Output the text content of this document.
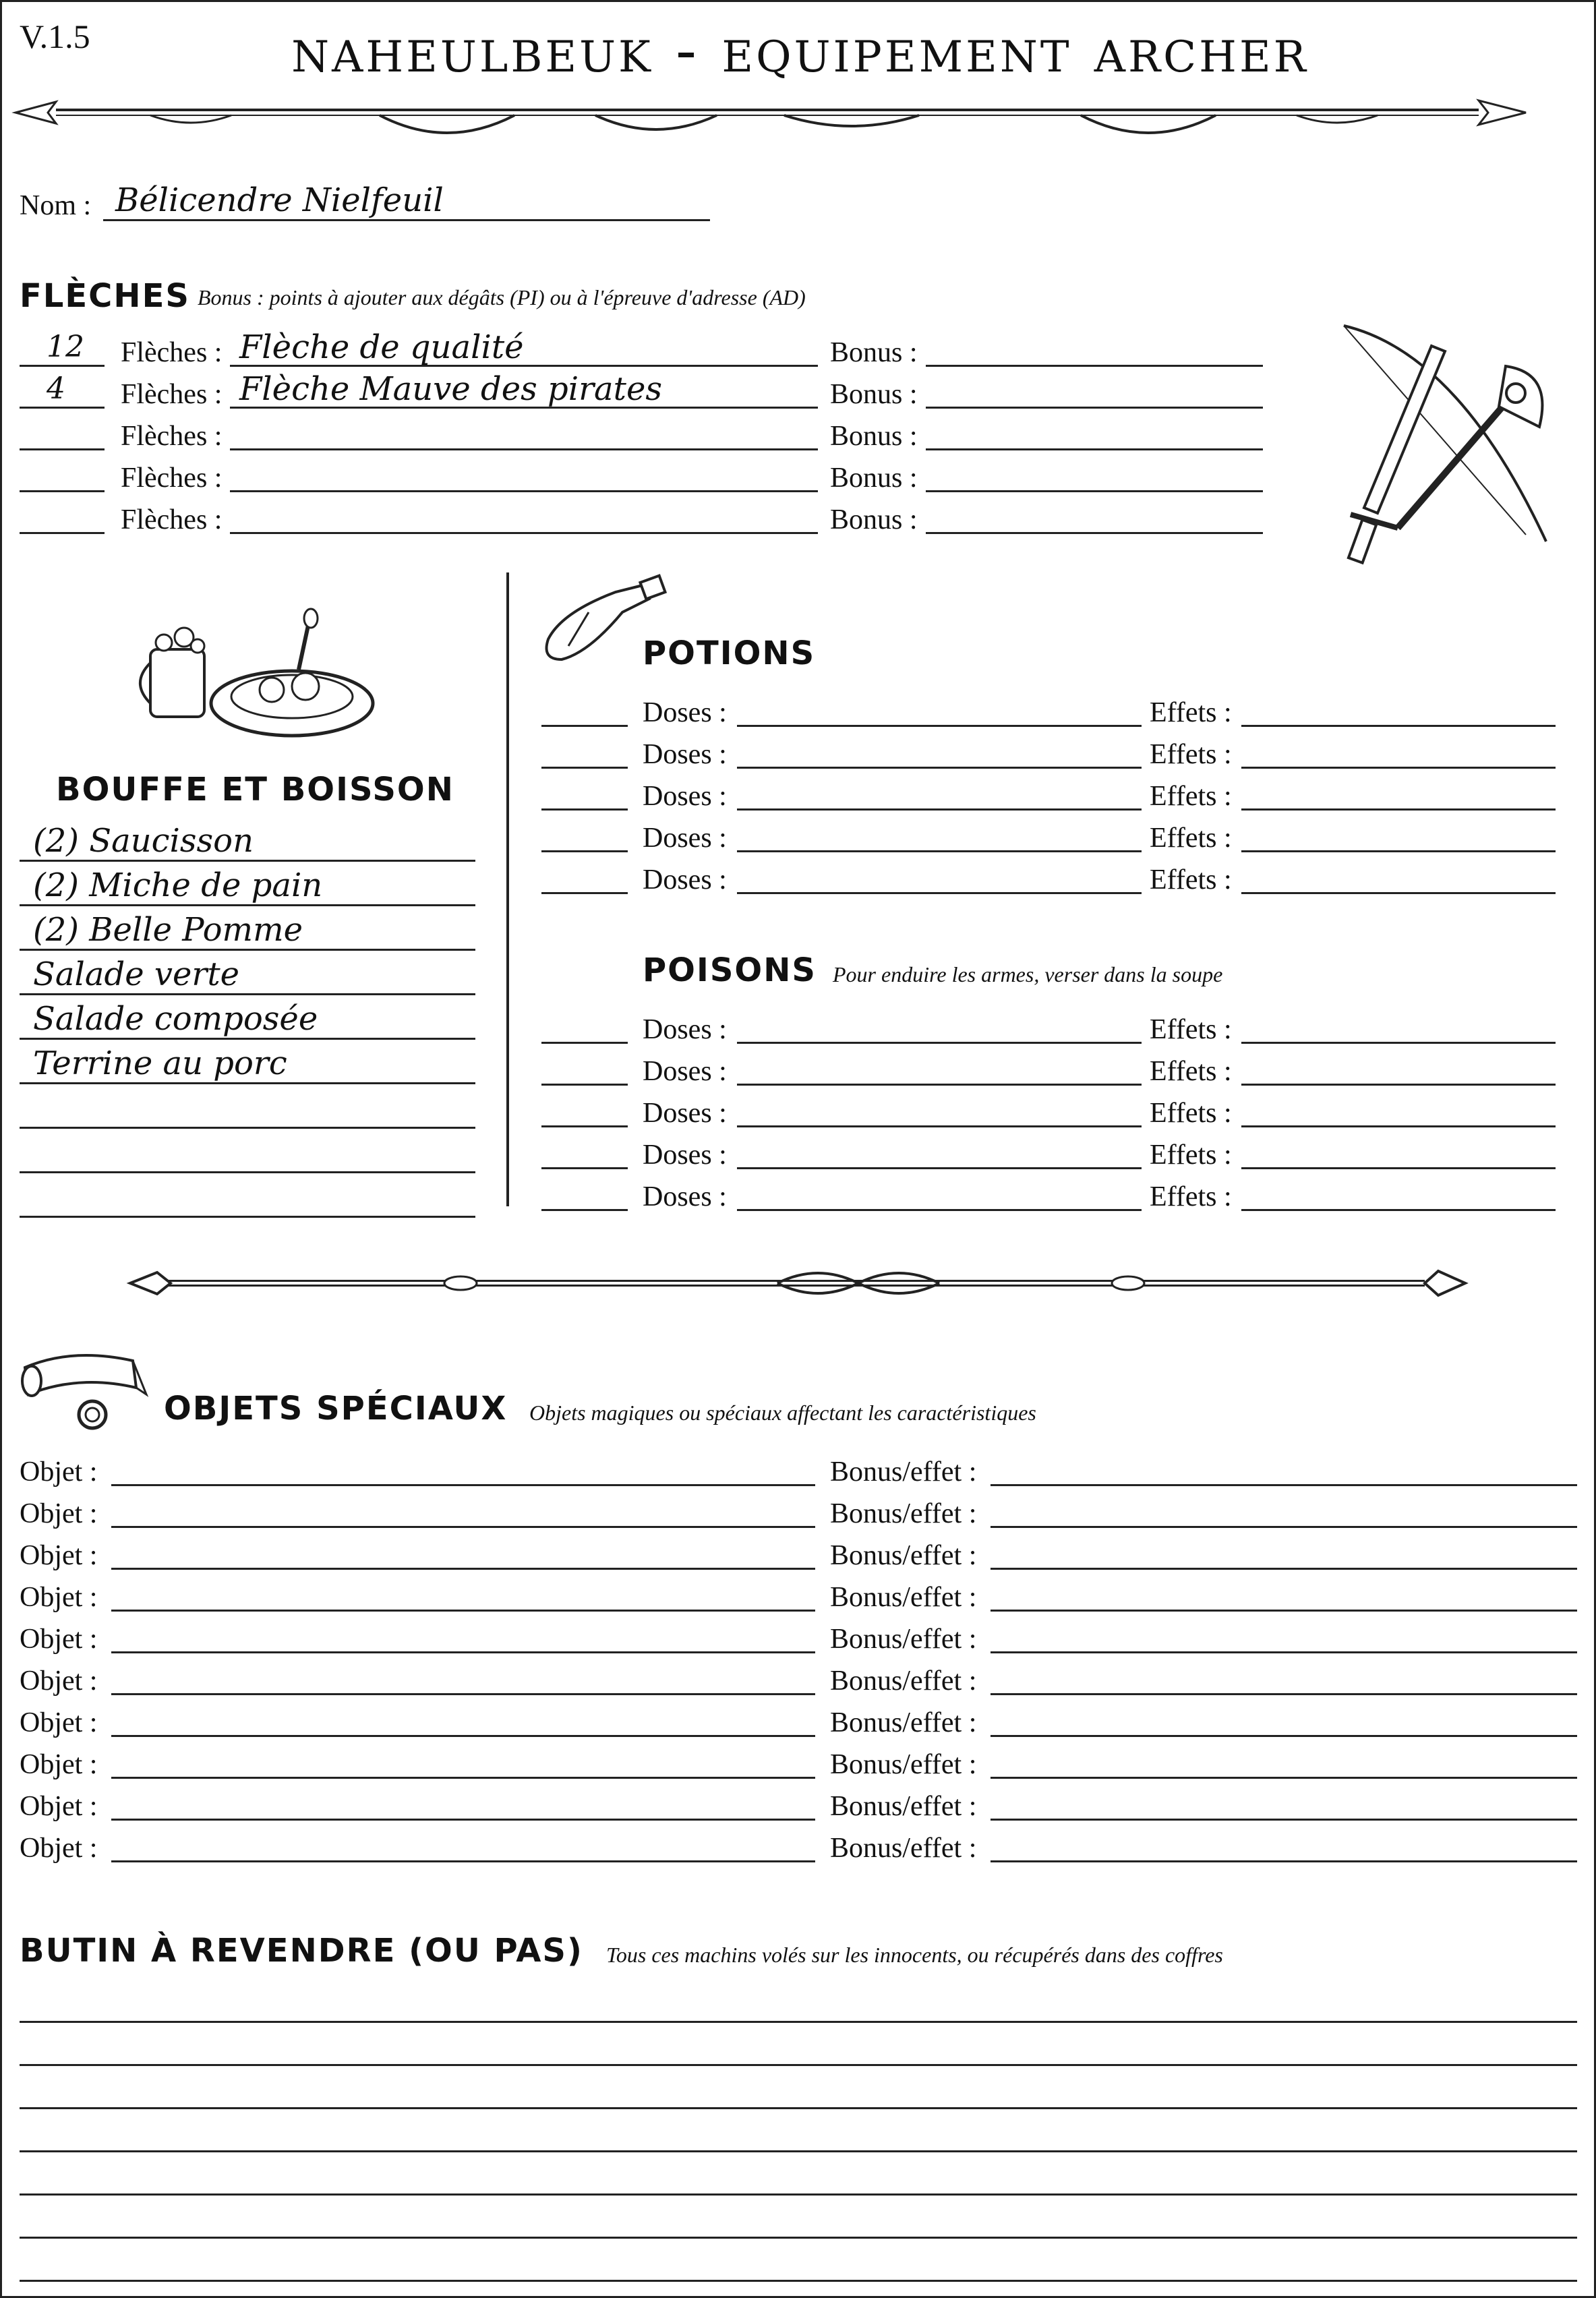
V.1.5	naheulbeuk - equipement archer
Nom : Bélicendre Nielfeuil
FLÈCHES Bonus : points à ajouter aux dégâts (PI) ou à l'épreuve d'adresse (AD)
12 Flèches : Flèche de qualité	Bonus :
4 Flèches : Flèche Mauve des pirates	Bonus :
Flèches :	Bonus :
Flèches :	Bonus :
Flèches :	Bonus :
BOUFFE ET BOISSON
(2) Saucisson
(2) Miche de pain
(2) Belle Pomme
Salade verte
Salade composée
Terrine au porc
POTIONS
Doses :	Effets :
Doses :	Effets :
Doses :	Effets :
Doses :	Effets :
Doses :	Effets :
POISONS Pour enduire les armes, verser dans la soupe
Doses :	Effets :
Doses :	Effets :
Doses :	Effets :
Doses :	Effets :
Doses :	Effets :
OBJETS SPÉCIAUX Objets magiques ou spéciaux affectant les caractéristiques
Objet :	Bonus/effet :
Objet :	Bonus/effet :
Objet :	Bonus/effet :
Objet :	Bonus/effet :
Objet :	Bonus/effet :
Objet :	Bonus/effet :
Objet :	Bonus/effet :
Objet :	Bonus/effet :
Objet :	Bonus/effet :
Objet :	Bonus/effet :
BUTIN À REVENDRE (OU PAS) Tous ces machins volés sur les innocents, ou récupérés dans des coffres
